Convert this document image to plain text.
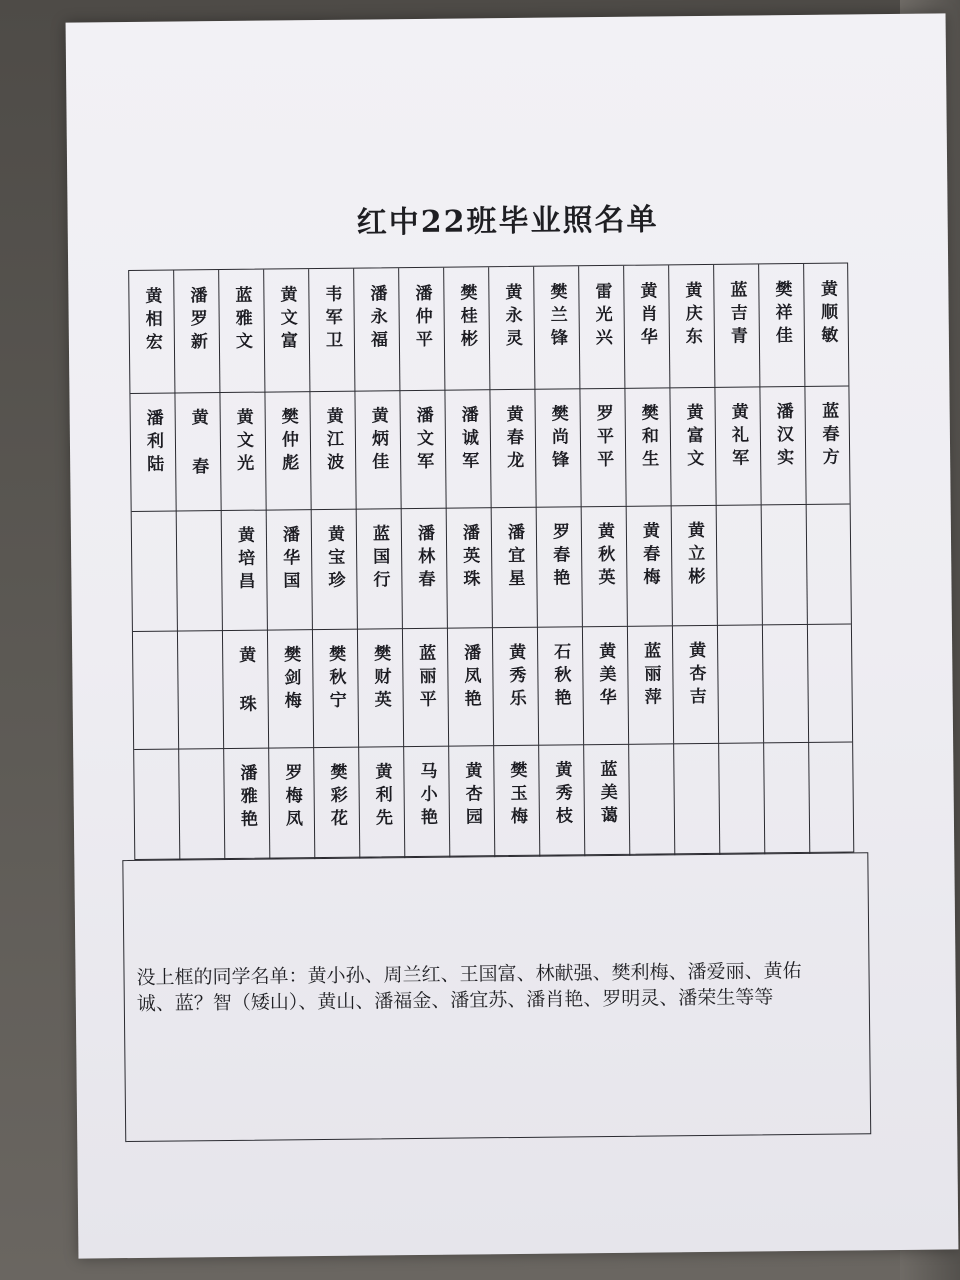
红中22班毕业照名单
黄相宏 潘罗新 蓝雅文 黄文富 韦军卫 潘永福 潘仲平 樊桂彬 黄永灵 樊兰锋 雷光兴 黄肖华 黄庆东 蓝吉青 樊祥佳 黄顺敏
潘利陆 黄 春 黄文光 樊仲彪 黄江波 黄炳佳 潘文军 潘诚军 黄春龙 樊尚锋 罗平平 樊和生 黄富文 黄礼军 潘汉实 蓝春方
黄培昌 潘华国 黄宝珍 蓝国行 潘林春 潘英珠 潘宜星 罗春艳 黄秋英 黄春梅 黄立彬
黄 珠 樊剑梅 樊秋宁 樊财英 蓝丽平 潘凤艳 黄秀乐 石秋艳 黄美华 蓝丽萍 黄杏吉
潘雅艳 罗梅凤 樊彩花 黄利先 马小艳 黄杏园 樊玉梅 黄秀枝 蓝美蔼
没上框的同学名单：黄小孙、周兰红、王国富、林献强、樊利梅、潘爱丽、黄佑诚、蓝？智（矮山）、黄山、潘福金、潘宜苏、潘肖艳、罗明灵、潘荣生等等
